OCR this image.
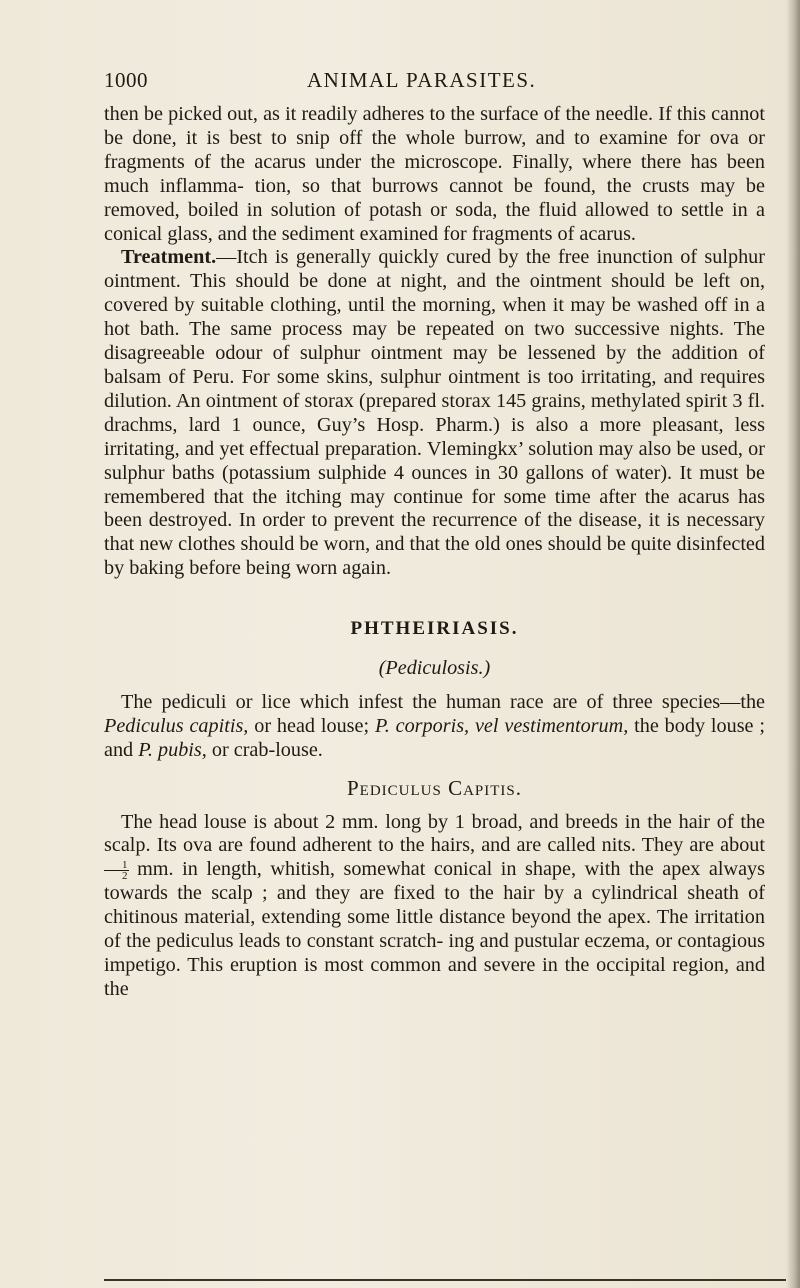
1000	ANIMAL PARASITES.

then be picked out, as it readily adheres to the surface of the needle. If this cannot be done, it is best to snip off the whole burrow, and to examine for ova or fragments of the acarus under the microscope. Finally, where there has been much inflamma- tion, so that burrows cannot be found, the crusts may be removed, boiled in solution of potash or soda, the fluid allowed to settle in a conical glass, and the sediment examined for fragments of acarus.

Treatment.—Itch is generally quickly cured by the free inunction of sulphur ointment. This should be done at night, and the ointment should be left on, covered by suitable clothing, until the morning, when it may be washed off in a hot bath. The same process may be repeated on two successive nights. The disagreeable odour of sulphur ointment may be lessened by the addition of balsam of Peru. For some skins, sulphur ointment is too irritating, and requires dilution. An ointment of storax (prepared storax 145 grains, methylated spirit 3 fl. drachms, lard 1 ounce, Guy’s Hosp. Pharm.) is also a more pleasant, less irritating, and yet effectual preparation. Vlemingkx’ solution may also be used, or sulphur baths (potassium sulphide 4 ounces in 30 gallons of water). It must be remembered that the itching may continue for some time after the acarus has been destroyed. In order to prevent the recurrence of the disease, it is necessary that new clothes should be worn, and that the old ones should be quite disinfected by baking before being worn again.

PHTHEIRIASIS.
(Pediculosis.)

The pediculi or lice which infest the human race are of three species—the Pediculus capitis, or head louse; P. corporis, vel vestimentorum, the body louse ; and P. pubis, or crab-louse.

Pediculus Capitis.

The head louse is about 2 mm. long by 1 broad, and breeds in the hair of the scalp. Its ova are found adherent to the hairs, and are called nits. They are about
$\frac{1}{2}$ mm. in length, whitish, somewhat conical in shape, with the apex always towards the scalp ; and they are fixed to the hair by a cylindrical sheath of chitinous material, extending some little distance beyond the apex. The irritation of the pediculus leads to constant scratch- ing and pustular eczema, or contagious impetigo. This eruption is most common and severe in the occipital region, and the
